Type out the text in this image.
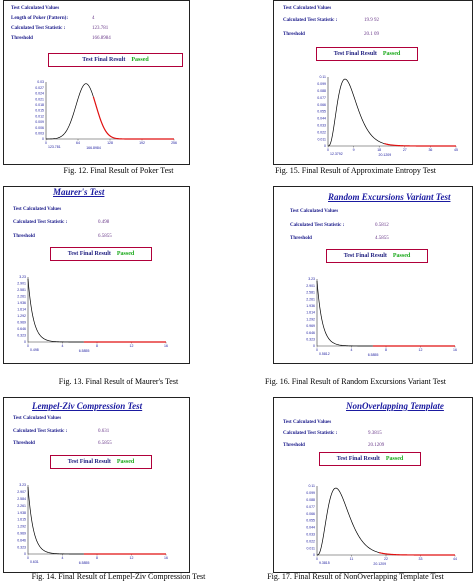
Test Calculated Values
Length of Poker (Pattern):	4
Calculated Test Statistic :	123.781
Threshold	166.8984
Test Final Result Passed
0.03
0.027
0.024
0.021
0.018
0.015
0.012
0.009
0.006
0.003
0
0	64	128	192	256
123.781	166.8984
Fig. 12. Final Result of Poker Test
Test Calculated Values
Calculated Test Statistic :	19.9 92
Threshold	20.1 09
Test Final Result Passed
0.11
0.099
0.088
0.077
0.066
0.055
0.044
0.033
0.022
0.011
0
0	9	18	27	36	45
12.3792	20.1209
Fig. 15. Final Result of Approximate Entropy Test
Maurer's Test
Test Calculated Values
Calculated Test Statistic :	0.498
Threshold	6.5855
Test Final Result Passed
3.23
2.901
2.581
2.261
1.936
1.614
1.292
0.969
0.646
0.323
0
0	4	8	12	16
0.498	6.5855
Fig. 13. Final Result of Maurer's Test
Random Excursions Variant Test
Test Calculated Values
Calculated Test Statistic :	0.5812
Threshold	4.5855
Test Final Result Passed
3.23
2.901
2.581
2.261
1.936
1.614
1.292
0.969
0.646
0.323
0
0	4	8	12	16
0.5812	6.5855
Fig. 16. Final Result of Random Excursions Variant Test
Lempel-Ziv Compression Test
Test Calculated Values
Calculated Test Statistic :	0.631
Threshold	6.5855
Test Final Result Passed
3.23
2.907
2.584
2.261
1.938
1.615
1.292
0.969
0.646
0.323
0
0	4	8	12	16
0.631	6.5855
Fig. 14. Final Result of Lempel-Ziv Compression Test
NonOverlapping Template
Test Calculated Values
Calculated Test Statistic :	9.3815
Threshold	20.1209
Test Final Result Passed
0.11
0.099
0.088
0.077
0.066
0.055
0.044
0.033
0.022
0.011
0
0	11	22	33	44
9.3815	20.1209
Fig. 17. Final Result of NonOverlapping Template Test
